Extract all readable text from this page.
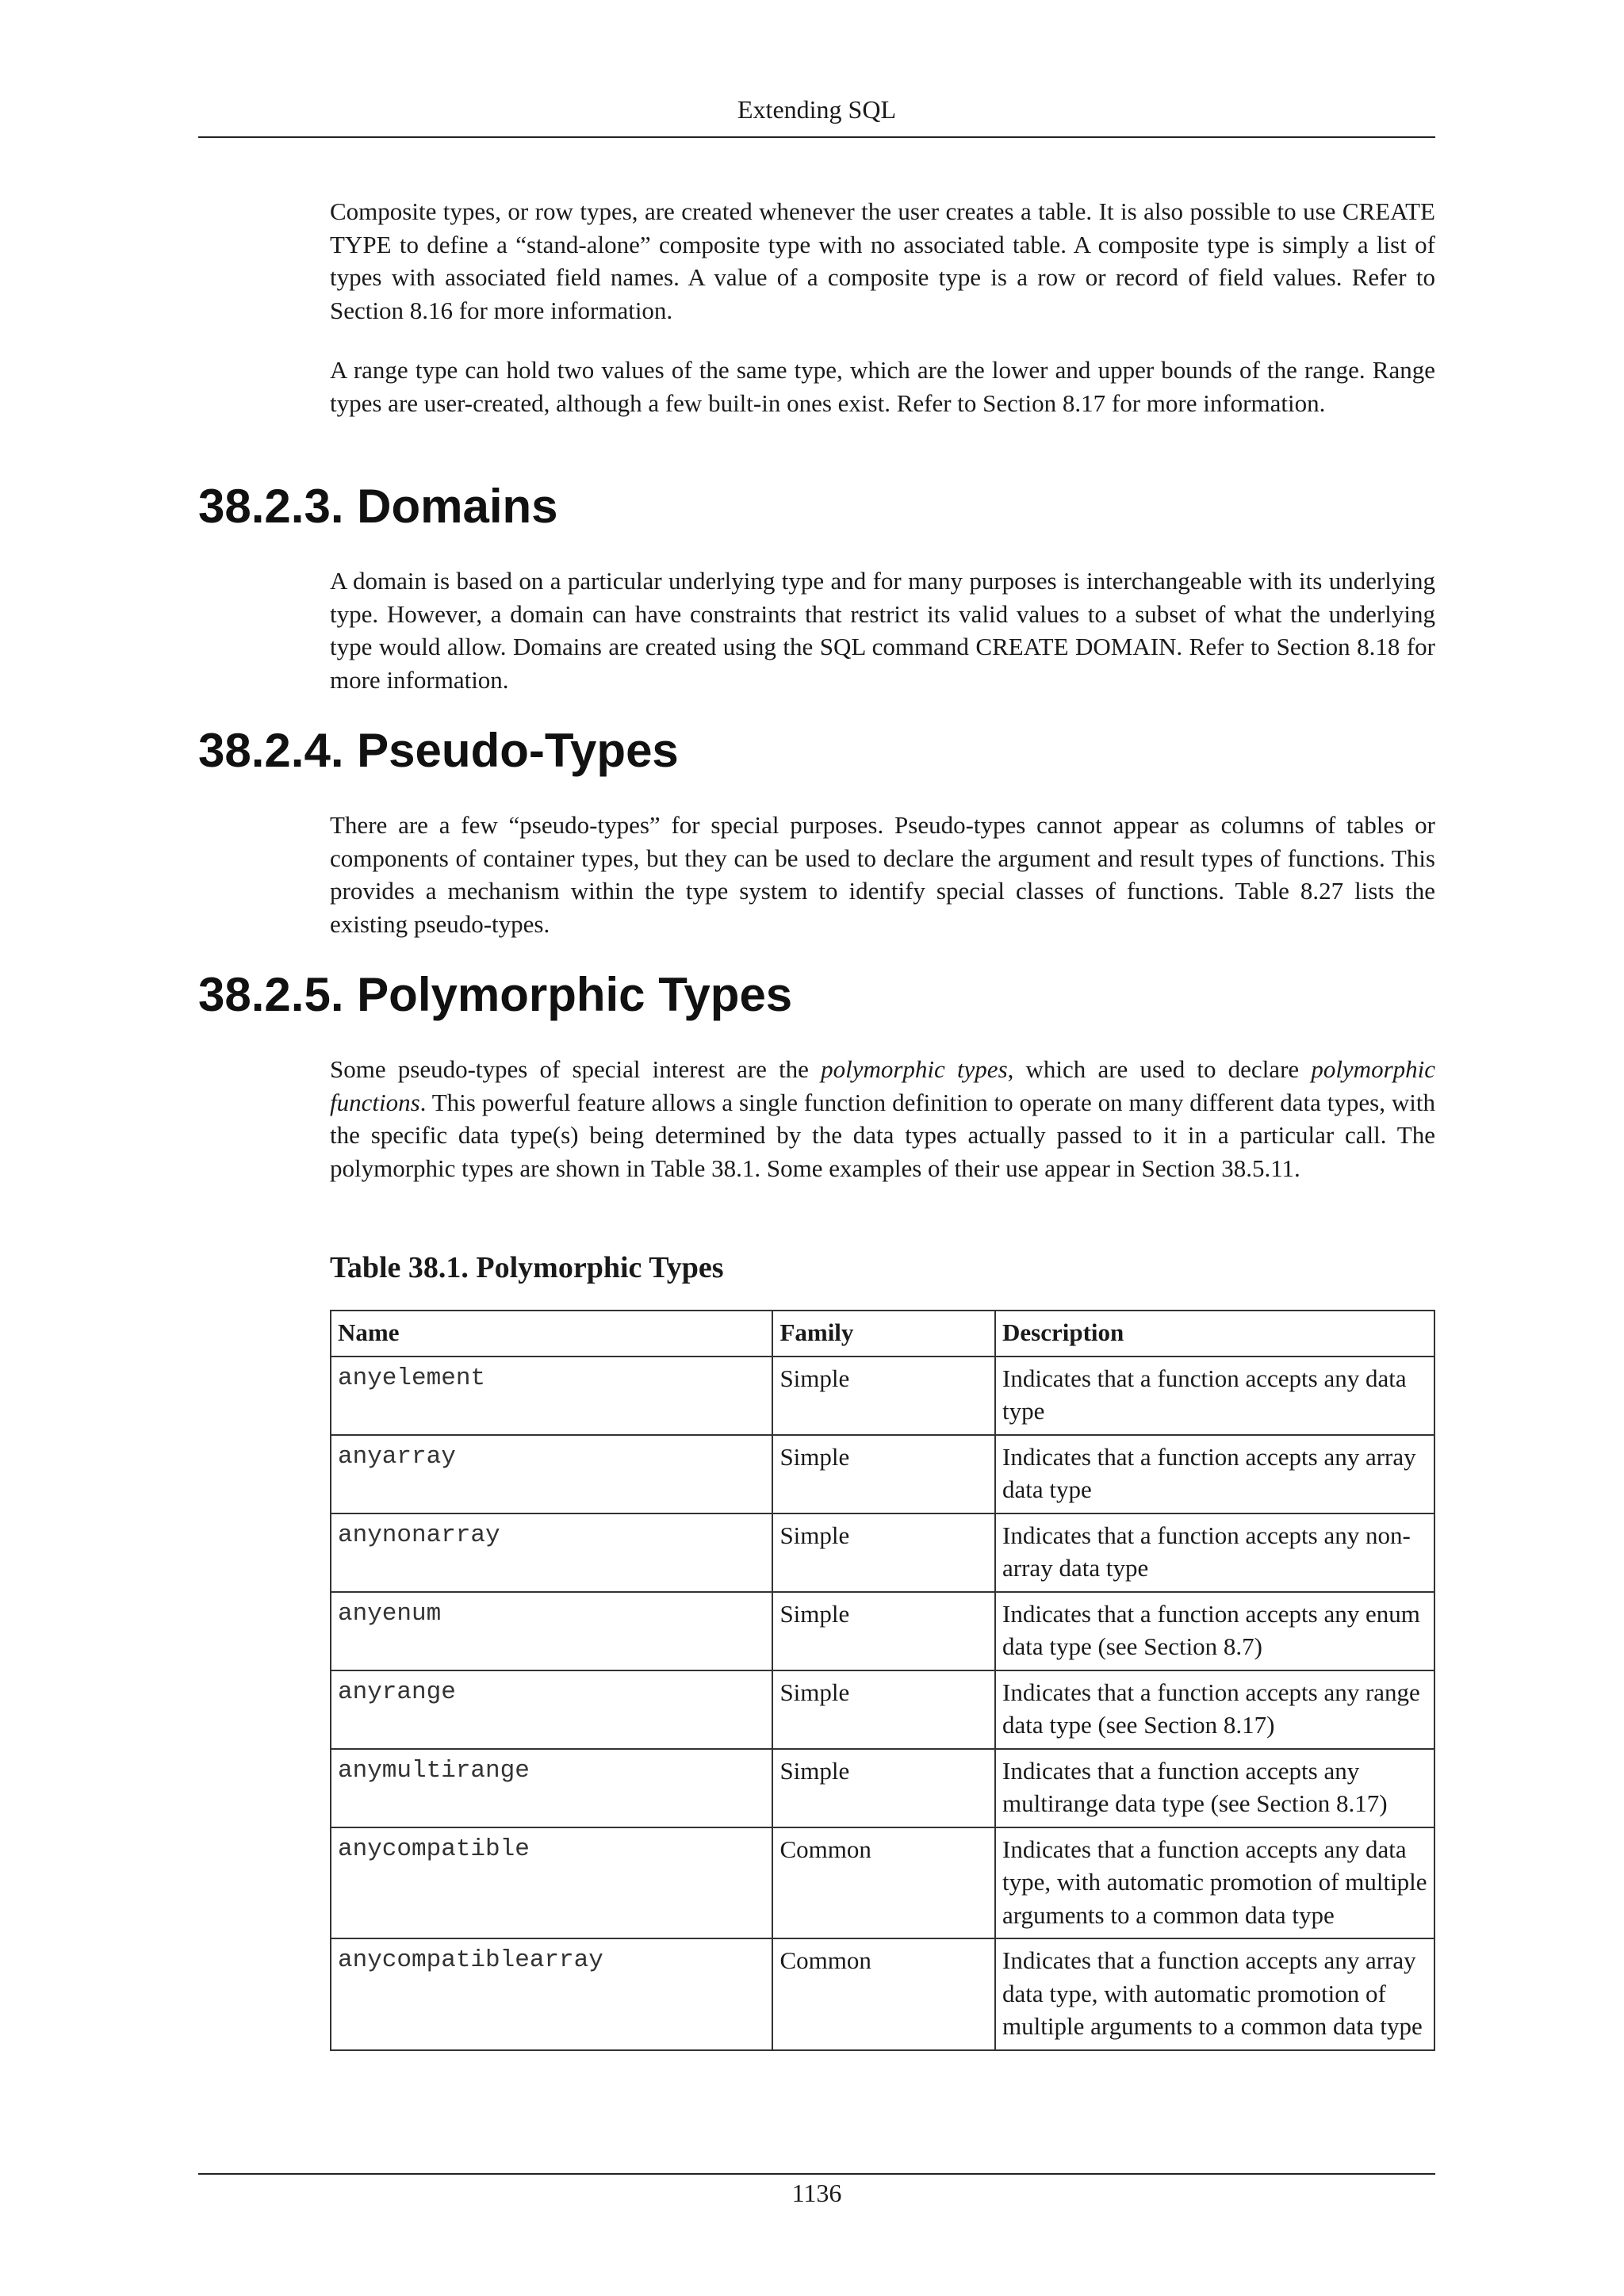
Extending SQL

Composite types, or row types, are created whenever the user creates a table. It is also possible to use CREATE TYPE to define a “stand-alone” composite type with no associated table. A composite type is simply a list of types with associated field names. A value of a composite type is a row or record of field values. Refer to Section 8.16 for more information.

A range type can hold two values of the same type, which are the lower and upper bounds of the range. Range types are user-created, although a few built-in ones exist. Refer to Section 8.17 for more information.

38.2.3. Domains

A domain is based on a particular underlying type and for many purposes is interchangeable with its underlying type. However, a domain can have constraints that restrict its valid values to a subset of what the underlying type would allow. Domains are created using the SQL command CREATE DOMAIN. Refer to Section 8.18 for more information.

38.2.4. Pseudo-Types

There are a few “pseudo-types” for special purposes. Pseudo-types cannot appear as columns of tables or components of container types, but they can be used to declare the argument and result types of functions. This provides a mechanism within the type system to identify special classes of functions. Table 8.27 lists the existing pseudo-types.

38.2.5. Polymorphic Types

Some pseudo-types of special interest are the polymorphic types, which are used to declare polymorphic functions. This powerful feature allows a single function definition to operate on many different data types, with the specific data type(s) being determined by the data types actually passed to it in a particular call. The polymorphic types are shown in Table 38.1. Some examples of their use appear in Section 38.5.11.

Table 38.1. Polymorphic Types
Name	Family	Description
anyelement	Simple	Indicates that a function accepts any data type
anyarray	Simple	Indicates that a function accepts any array data type
anynonarray	Simple	Indicates that a function accepts any non-array data type
anyenum	Simple	Indicates that a function accepts any enum data type (see Section 8.7)
anyrange	Simple	Indicates that a function accepts any range data type (see Section 8.17)
anymultirange	Simple	Indicates that a function accepts any multirange data type (see Section 8.17)
anycompatible	Common	Indicates that a function accepts any data type, with automatic promotion of multiple arguments to a common data type
anycompatiblearray	Common	Indicates that a function accepts any array data type, with automatic promotion of multiple arguments to a common data type
1136
